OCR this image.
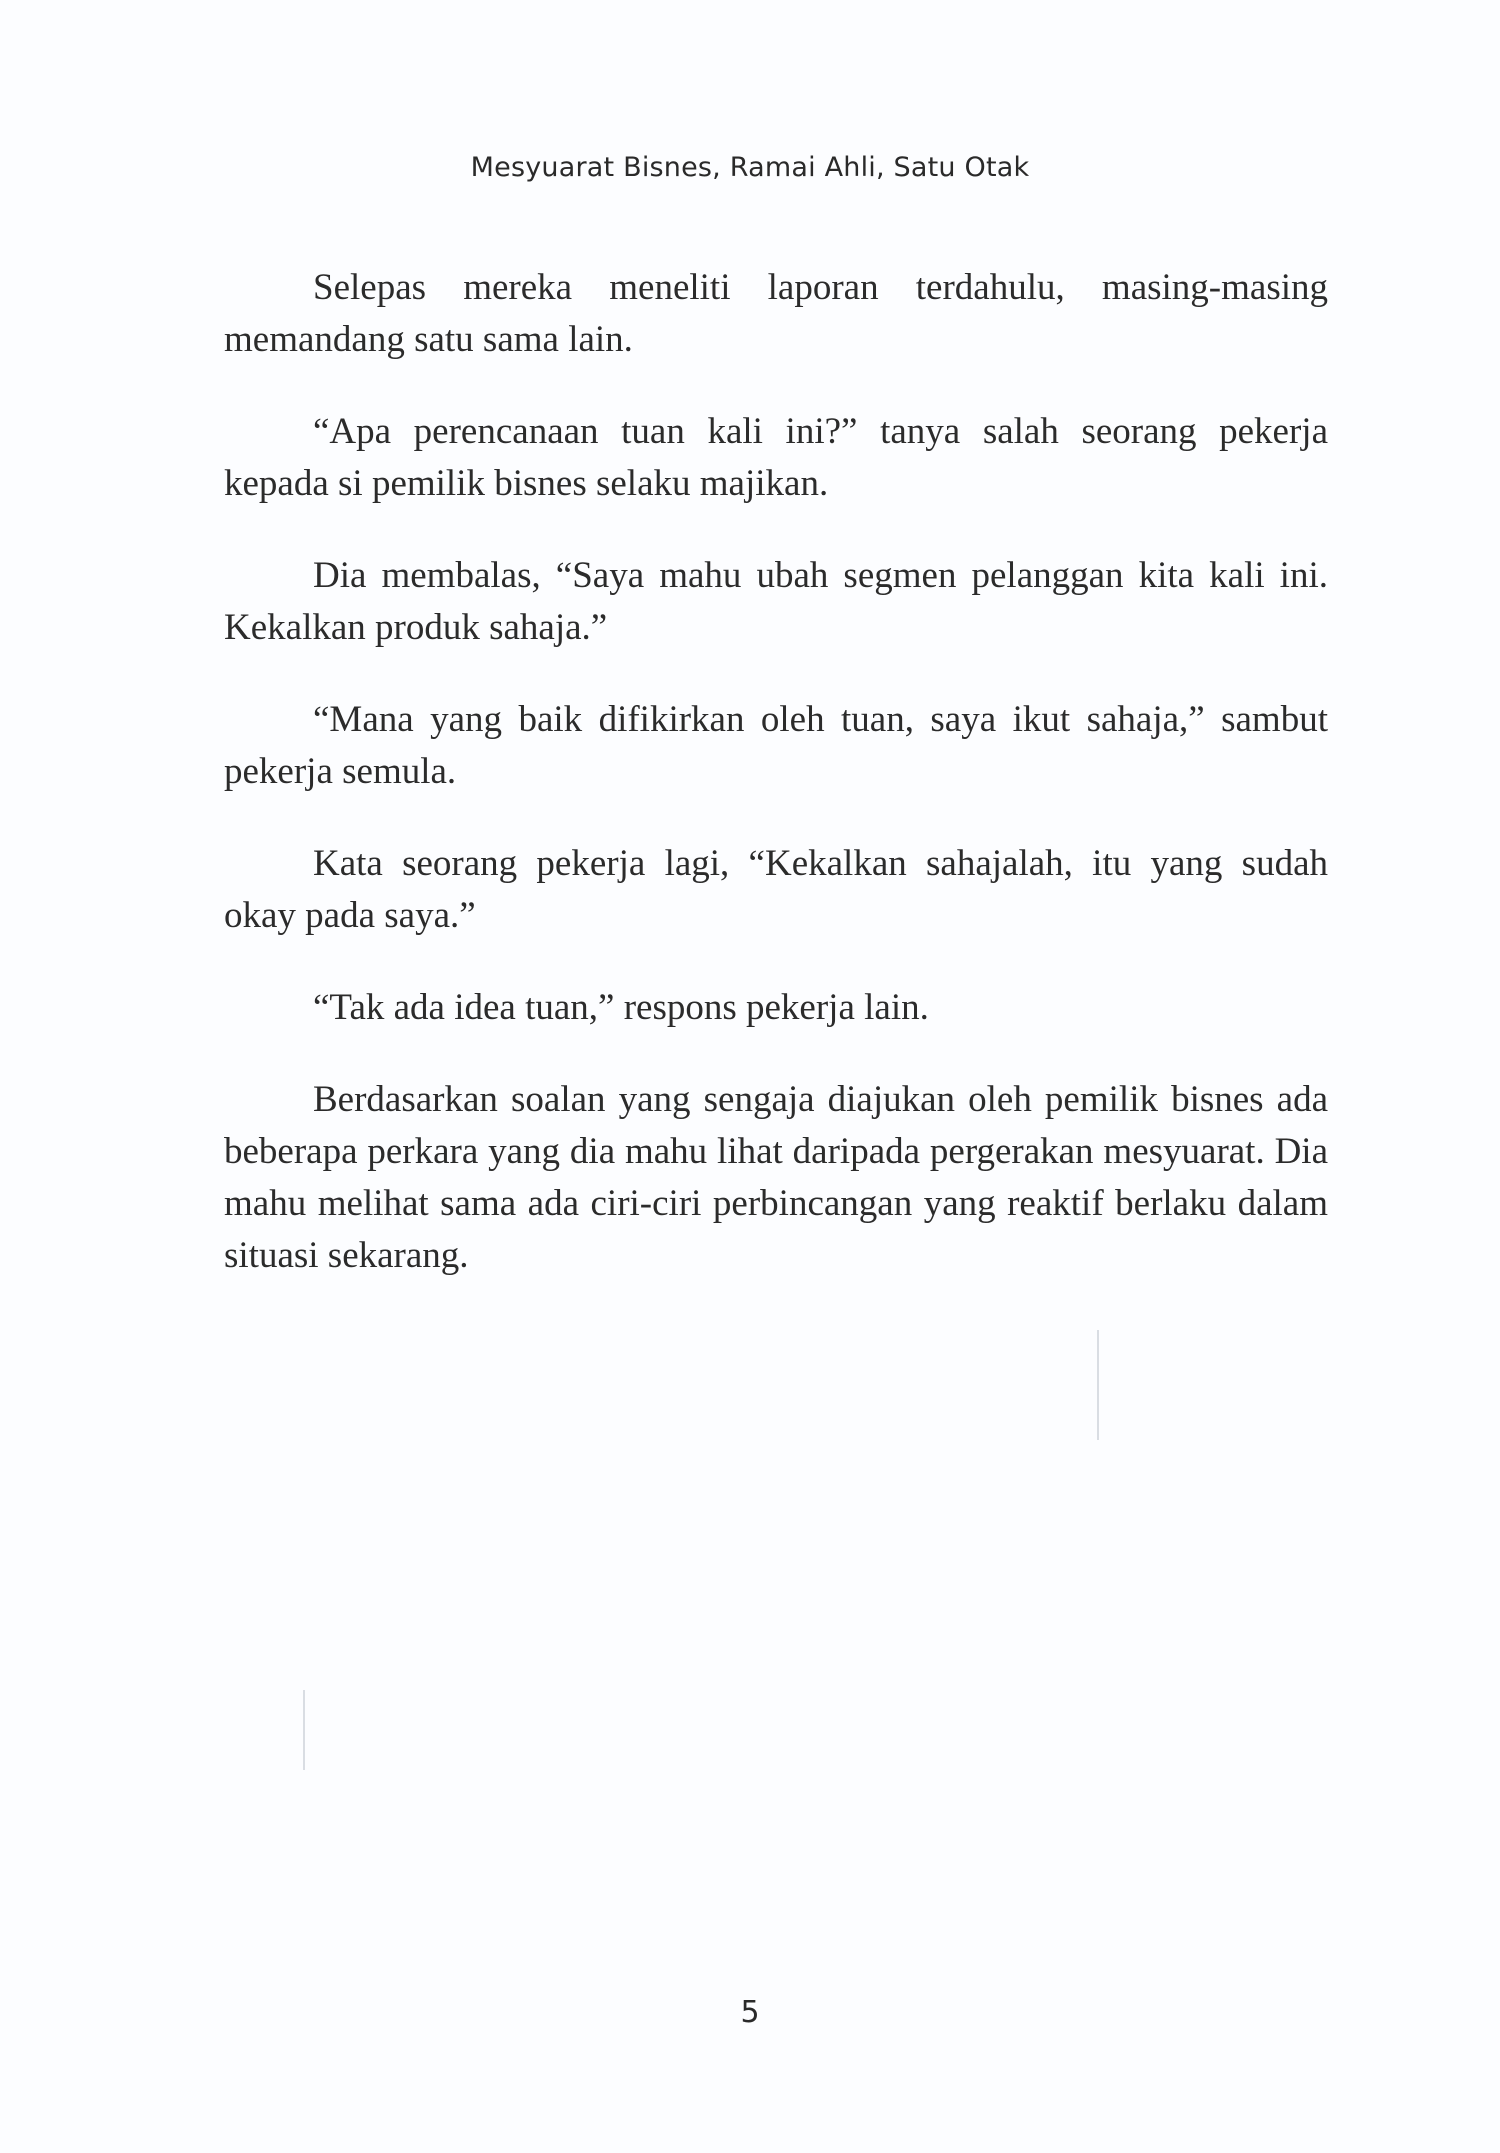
Mesyuarat Bisnes, Ramai Ahli, Satu Otak

Selepas mereka meneliti laporan terdahulu, masing-masing memandang satu sama lain.

“Apa perencanaan tuan kali ini?” tanya salah seorang pekerja kepada si pemilik bisnes selaku majikan.

Dia membalas, “Saya mahu ubah segmen pelanggan kita kali ini. Kekalkan produk sahaja.”

“Mana yang baik difikirkan oleh tuan, saya ikut sahaja,” sambut pekerja semula.

Kata seorang pekerja lagi, “Kekalkan sahajalah, itu yang sudah okay pada saya.”

“Tak ada idea tuan,” respons pekerja lain.

Berdasarkan soalan yang sengaja diajukan oleh pemilik bisnes ada beberapa perkara yang dia mahu lihat daripada pergerakan mesyuarat. Dia mahu melihat sama ada ciri-ciri perbincangan yang reaktif berlaku dalam situasi sekarang.

5
